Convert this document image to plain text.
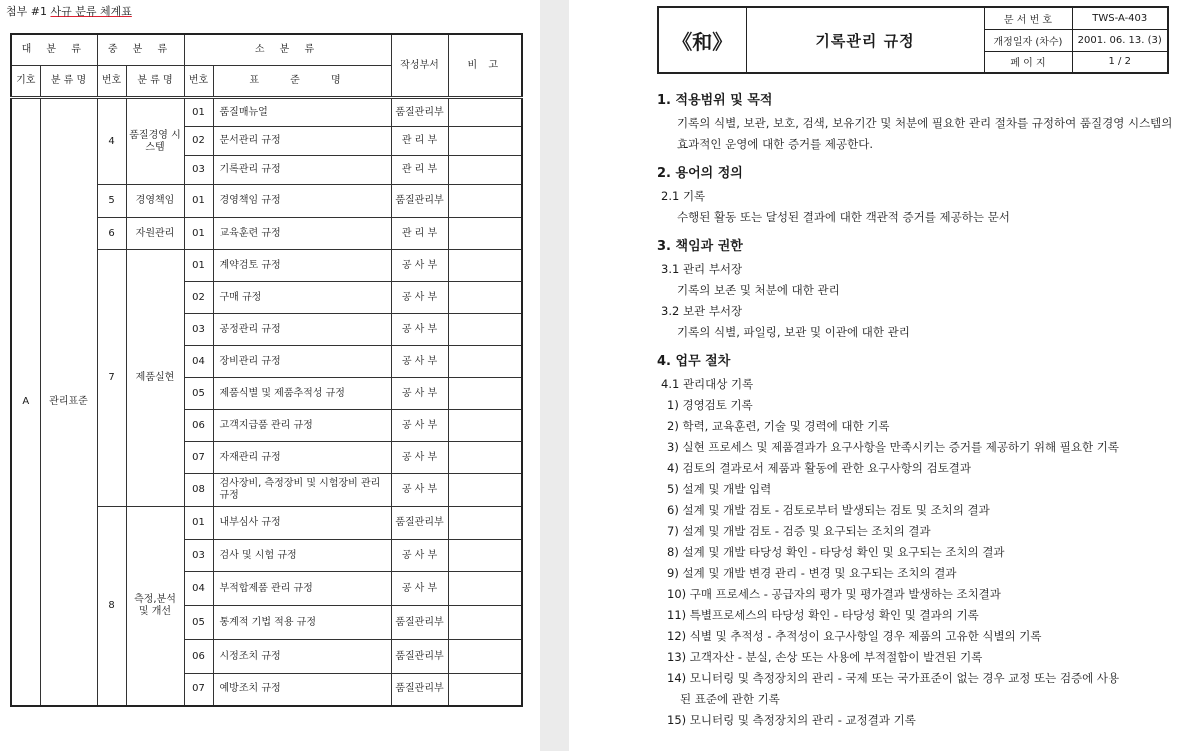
첨부 #1 사규 분류 체계표
대 분 류		중 분 류		소 분 류		작성부서	비 고
기호	분 류 명	번호	분 류 명	번호	표 준 명		
A	관리표준	4	품질경영 시스템	01	품질매뉴얼	품질관리부	
				02	문서관리 규정	관 리 부	
				03	기록관리 규정	관 리 부	
		5	경영책임	01	경영책임 규정	품질관리부	
		6	자원관리	01	교육훈련 규정	관 리 부	
		7	제품실현	01	계약검토 규정	공 사 부	
				02	구매 규정	공 사 부	
				03	공정관리 규정	공 사 부	
				04	장비관리 규정	공 사 부	
				05	제품식별 및 제품추적성 규정	공 사 부	
				06	고객지급품 관리 규정	공 사 부	
				07	자재관리 규정	공 사 부	
				08	검사장비, 측정장비 및 시험장비 관리 규정	공 사 부	
		8	측정,분석 및 개선	01	내부심사 규정	품질관리부	
				03	검사 및 시험 규정	공 사 부	
				04	부적합제품 관리 규정	공 사 부	
				05	통계적 기법 적용 규정	품질관리부	
				06	시정조치 규정	품질관리부	
				07	예방조치 규정	품질관리부	
《和》	기록관리 규정	문 서 번 호	TWS-A-403
		개정일자 (차수)	2001. 06. 13. (3)
		페 이 지	1 / 2
1. 적용범위 및 목적
기록의 식별, 보관, 보호, 검색, 보유기간 및 처분에 필요한 관리 절차를 규정하여 품질경영 시스템의 효과적인 운영에 대한 증거를 제공한다.
2. 용어의 정의
2.1 기록
수행된 활동 또는 달성된 결과에 대한 객관적 증거를 제공하는 문서
3. 책임과 권한
3.1 관리 부서장
기록의 보존 및 처분에 대한 관리
3.2 보관 부서장
기록의 식별, 파일링, 보관 및 이관에 대한 관리
4. 업무 절차
4.1 관리대상 기록
1) 경영검토 기록
2) 학력, 교육훈련, 기술 및 경력에 대한 기록
3) 실현 프로세스 및 제품결과가 요구사항을 만족시키는 증거를 제공하기 위해 필요한 기록
4) 검토의 결과로서 제품과 활동에 관한 요구사항의 검토결과
5) 설계 및 개발 입력
6) 설계 및 개발 검토 - 검토로부터 발생되는 검토 및 조치의 결과
7) 설계 및 개발 검토 - 검증 및 요구되는 조치의 결과
8) 설계 및 개발 타당성 확인 - 타당성 확인 및 요구되는 조치의 결과
9) 설계 및 개발 변경 관리 - 변경 및 요구되는 조치의 결과
10) 구매 프로세스 - 공급자의 평가 및 평가결과 발생하는 조치결과
11) 특별프로세스의 타당성 확인 - 타당성 확인 및 결과의 기록
12) 식별 및 추적성 - 추적성이 요구사항일 경우 제품의 고유한 식별의 기록
13) 고객자산 - 분실, 손상 또는 사용에 부적절함이 발견된 기록
14) 모니터링 및 측정장치의 관리 - 국제 또는 국가표준이 없는 경우 교정 또는 검증에 사용
된 표준에 관한 기록
15) 모니터링 및 측정장치의 관리 - 교정결과 기록
